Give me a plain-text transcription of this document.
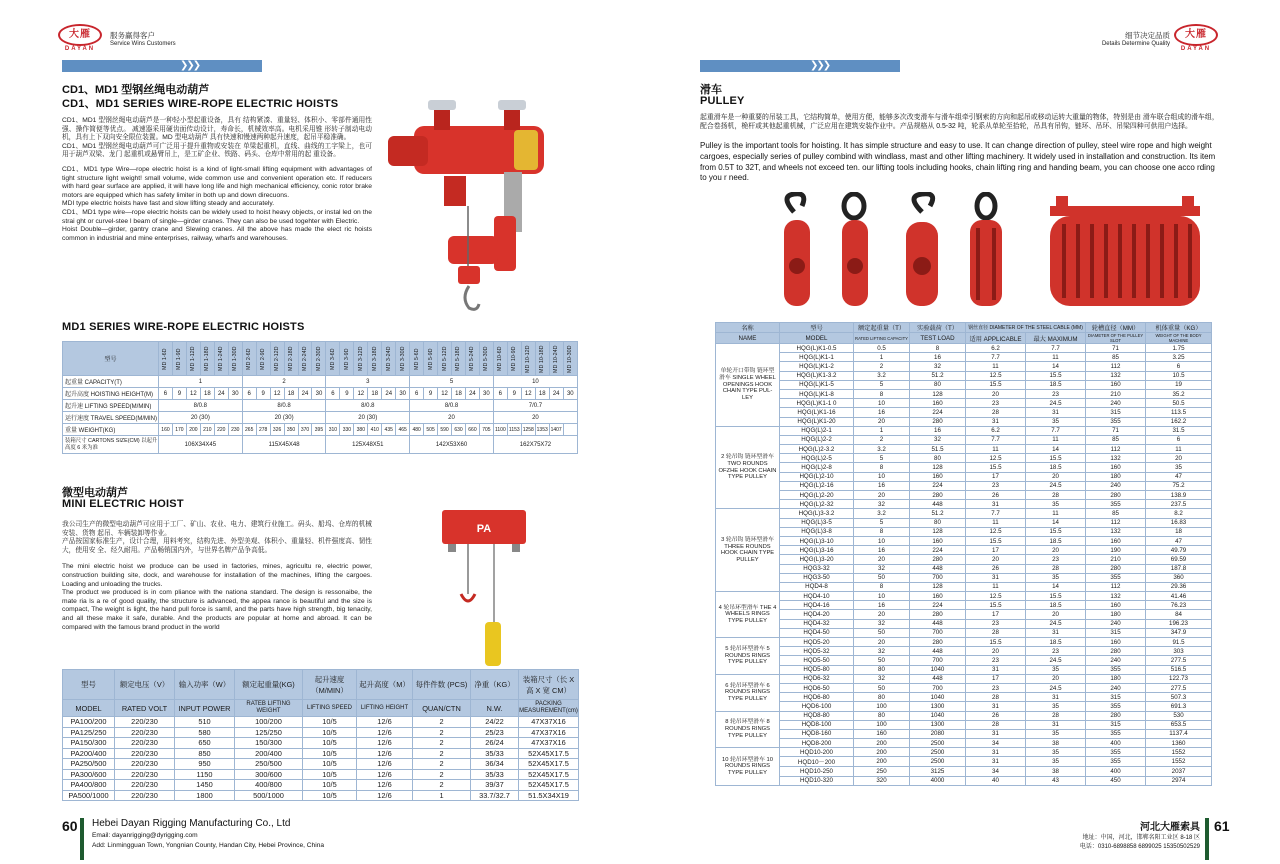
大雁
DAYAN
服务赢得客户
Service Wins Customers
细节决定品质
Details Determine Quality
大雁
DAYAN
❯❯❯
CD1、MD1 型钢丝绳电动葫芦
CD1、MD1 SERIES WIRE-ROPE ELECTRIC HOISTS

CD1、MD1 型钢丝绳电动葫芦是一种轻小型起重设备，具有 结构紧凑、重量轻、体积小、零部件通用性强、操作简便等优点。 减速器采用硬齿面传动设计，寿命长，机械效率高。电机采用锥 形转子制动电动机，具有上下双向安全限位装置。MD 型电动葫芦 具有快速和慢速两种起升速度，起吊平稳准确。

CD1、MD1 型钢丝绳电动葫芦可广泛用于提升重物或安装在 单梁起重机，直线、曲线的工字梁上，也可用于葫芦双梁、龙门 起重机或悬臂吊上，是工矿企业、铁路、码头、仓库中常用的起 重设备。

CD1、MD1 type Wire—rope electric hoist is a kind of light-small lifting equipment with advantages of tight structure light weight! small volume, wide common use and convenient operation etc. If reducers with hard gear surface are applied, it will have long life and high mechanical efficiency, conic rotor brake motors are equipped which has safety limiter in both up and down direcuons.

MDI type electric hoists have fast and slow lifting steady and accurately.

CD1、MD1 type wire—rope electric hoists can be widely used to hoist heavy objects, or instal led on the strai ght or curvel-stee l beam of single—girder cranes. They can also be used togehter with Electric.

Hoist Double—girder, gantry crane and Slewing cranes. All the above has made the elect ric hoists common in industrial and mine enterprises, railway, wharfs and warehouses.

MD1 SERIES WIRE-ROPE ELECTRIC HOISTS
型号	MD 1-6D	MD 1-9D	MD 1-12D	MD 1-18D	MD 1-24D	MD 1-30D	MD 2-6D	MD 2-9D	MD 2-12D	MD 2-18D	MD 2-24D	MD 2-30D	MD 3-6D	MD 3-9D	MD 3-12D	MD 3-18D	MD 3-24D	MD 3-30D	MD 5-6D	MD 5-9D	MD 5-12D	MD 5-18D	MD 5-24D	MD 5-30D	MD 10-6D	MD 10-9D	MD 10-12D	MD 10-18D	MD 10-24D	MD 10-30D

起重量 CAPACITY(T)	1						2						3						5						10					
起升高度 HOISTING HEIGHT(M)	6	9	12	18	24	30	6	9	12	18	24	30	6	9	12	18	24	30	6	9	12	18	24	30	6	9	12	18	24	30
起升速 LIFTING SPEED(M/MIN)	8/0.8						8/0.8						8/0.8						8/0.8						7/0.7					
运行速度 TRAVEL SPEED(M/MIN)	20 (30)						20 (30)						20 (30)						20						20					
重量 WEIGHT(KG)	160	170	200	210	220	230	265	278	326	350	370	395	310	330	380	410	435	465	480	505	590	630	660	705	1100	1153	1258	1353	1407	
装箱尺寸 CARTONS SIZE(CM) 以起升高度 6 米为准	106X34X45						115X45X48						125X48X51						142X53X60						162X75X72					
微型电动葫芦
MINI ELECTRIC HOIST

我公司生产的微型电动葫芦可应用于工厂、矿山、农业、电力、建筑行业施工。码头、船坞、仓库的机械安装、货物 起吊、车辆装卸等作业。

产品按国家标准生产，设计合理，用料考究，结构先进、外型美观、体积小、重量轻、机件强度高、韧性大，使用安 全、经久耐用。产品畅销国内外，与世界名牌产品争高低。

The mini electric hoist we produce can be used in factories, mines, agricultu re, electric power, construction building site, dock, and warehouse for installation of the machines, lifting the cargoes. Loading and unloading the trucks.

The product we produced is in com pliance with the nationa standard. The design is ressonaibe, the mate ria ls a re of good quality, the structure is advanced, the appea rance is beautiful and the size is compact, The weight is light, the hand pull force is samll, and the parts have high strength, big tenacity, and all these make it safe, durable. And the products are popular at home and abroad. It can be compared with the famous brand product in the world

PA
型号	额定电压（V）	输入功率（W）	额定起重量(KG)	起升速度（M/MIN）	起升高度（M）	每件件数 (PCS)	净重（KG）	装箱尺寸（长 X 高 X 宽 CM）
MODEL	RATED VOLT	INPUT POWER	RATEB LIFTING WEIGHT	LIFTING SPEED	LIFTING HEIGHT	QUAN/CTN	N.W.	PACKING MEASUREMENT(cm)
PA100/200	220/230	510	100/200	10/5	12/6	2	24/22	47X37X16
PA125/250	220/230	580	125/250	10/5	12/6	2	25/23	47X37X16
PA150/300	220/230	650	150/300	10/5	12/6	2	26/24	47X37X16
PA200/400	220/230	850	200/400	10/5	12/6	2	35/33	52X45X17.5
PA250/500	220/230	950	250/500	10/5	12/6	2	36/34	52X45X17.5
PA300/600	220/230	1150	300/600	10/5	12/6	2	35/33	52X45X17.5
PA400/800	220/230	1450	400/800	10/5	12/6	2	39/37	52X45X17.5
PA500/1000	220/230	1800	500/1000	10/5	12/6	1	33.7/32.7	51.5X34X19
❯❯❯
滑车
PULLEY
起重滑车是一种重要的吊装工具，它结构简单，使用方便，能够多次改变滑车与滑车组牵引钢索的方向和起吊或移动运转大重量的物体，特别是由 滑车联合组成的滑车组，配合卷扬机，桅杆或其他起重机械，广泛应用在建筑安装作业中。产品规格从 0.5-32 吨，轮系从单轮至拾轮，吊具有吊钩，链环、吊环、吊梁四种可供用户选择。
Pulley is the important tools for hoisting. It has simple structure and easy to use. It can change direction of pulley, steel wire rope and high weight cargoes, especially series of pulley combind with windlass, mast and other lifting machinery. It widely used in installation and construction. Its item from 0.5T to 32T, and wheels not exceed ten. our lifting tools including hooks, chain lifting ring and handing beam, you can choose one acco rding to you r need.
名称	型号	额定起重量（T）	实验载荷（T）	钢丝直径 DIAMETER OF THE STEEL CABLE (MM)		轮槽直径（MM）	机体重量（KG）
NAME	MODEL	RATED LIFTING CAPACITY	TEST LOAD	适用 APPLICABLE	最大 MAXIMUM	DIAMETER OF THE PULLEY SLOT	WEIGHT OF THE BODY MACHINE
单轮开口带钩 链环型滑车 SINGLE WHEEL OPENINGS HOOK CHAIN TYPE PUL-LEY	HQG(L)K1-0.5	0.5	8	6.2	7.7	71	1.75
	HQG(L)K1-1	1	16	7.7	11	85	3.25
	HQG(L)K1-2	2	32	11	14	112	6
	HQG(L)K1-3.2	3.2	51.2	12.5	15.5	132	10.5
	HQG(L)K1-5	5	80	15.5	18.5	160	19
	HQG(L)K1-8	8	128	20	23	210	35.2
	HQG(L)K1-1 0	10	160	23	24.5	240	50.5
	HQG(L)K1-16	16	224	28	31	315	113.5
	HQG(L)K1-20	20	280	31	35	355	162.2
2 轮吊钩 链环型滑车 TWO ROUNDS OFZHE HOOK CHAIN TYPE PULLEY	HQG(L)2-1	1	16	6.2	7.7	71	31.5
	HQG(L)2-2	2	32	7.7	11	85	6
	HQG(L)2-3.2	3.2	51.5	11	14	112	11
	HQG(L)2-5	5	80	12.5	15.5	132	20
	HQG(L)2-8	8	128	15.5	18.5	160	35
	HQG(L)2-10	10	160	17	20	180	47
	HQG(L)2-16	16	224	23	24.5	240	75.2
	HQG(L)2-20	20	280	26	28	280	138.9
	HQG(L)2-32	32	448	31	35	355	237.5
3 轮吊钩 链环型滑车 THREE ROUNDS HOOK CHAIN TYPE PULLEY	HQG(L)3-3.2	3.2	51.2	7.7	11	85	8.2
	HQG(L)3-5	5	80	11	14	112	16.83
	HQG(L)3-8	8	128	12.5	15.5	132	18
	HQG(L)3-10	10	160	15.5	18.5	160	47
	HQG(L)3-16	16	224	17	20	190	49.79
	HQG(L)3-20	20	280	20	23	210	69.59
	HQG3-32	32	448	26	28	280	187.8
	HQG3-50	50	700	31	35	355	360
	HQD4-8	8	128	11	14	112	29.36
4 轮吊环型滑车 THE 4 WHEELS RINGS TYPE PULLEY	HQD4-10	10	160	12.5	15.5	132	41.46
	HQD4-16	16	224	15.5	18.5	160	76.23
	HQD4-20	20	280	17	20	180	84
	HQD4-32	32	448	23	24.5	240	196.23
	HQD4-50	50	700	28	31	315	347.9
5 轮吊环型滑车 5 ROUNDS RINGS TYPE PULLEY	HQD5-20	20	280	15.5	18.5	160	91.5
	HQD5-32	32	448	20	23	280	303
	HQD5-50	50	700	23	24.5	240	277.5
	HQD5-80	80	1040	31	35	355	516.5
6 轮吊环型滑车 6 ROUNDS RINGS TYPE PULLEY	HQD6-32	32	448	17	20	180	122.73
	HQD6-50	50	700	23	24.5	240	277.5
	HQD6-80	80	1040	28	31	315	507.3
	HQD6-100	100	1300	31	35	355	691.3
8 轮吊环型滑车 8 ROUNDS RINGS TYPE PULLEY	HQD8-80	80	1040	26	28	280	530
	HQD8-100	100	1300	28	31	315	653.5
	HQD8-160	160	2080	31	35	355	1137.4
	HQD8-200	200	2500	34	38	400	1360
10 轮吊环型滑车 10 ROUNDS RINGS TYPE PULLEY	HQD10-200	200	2500	31	35	355	1552
	HQD10－200	200	2500	31	35	355	1552
	HQD10-250	250	3125	34	38	400	2037
	HQD10-320	320	4000	40	43	450	2974
60 Hebei Dayan Rigging Manufacturing Co., Ltd
Email: dayanrigging@dyrigging.com
Add: Linmingguan Town, Yongnian County, Handan City, Hebei Province, China
河北大雁索具
地址：中国，河北，邯郸名阳工业区 8-18 区
电话：0310-6898858 6899025 15350502529
61
